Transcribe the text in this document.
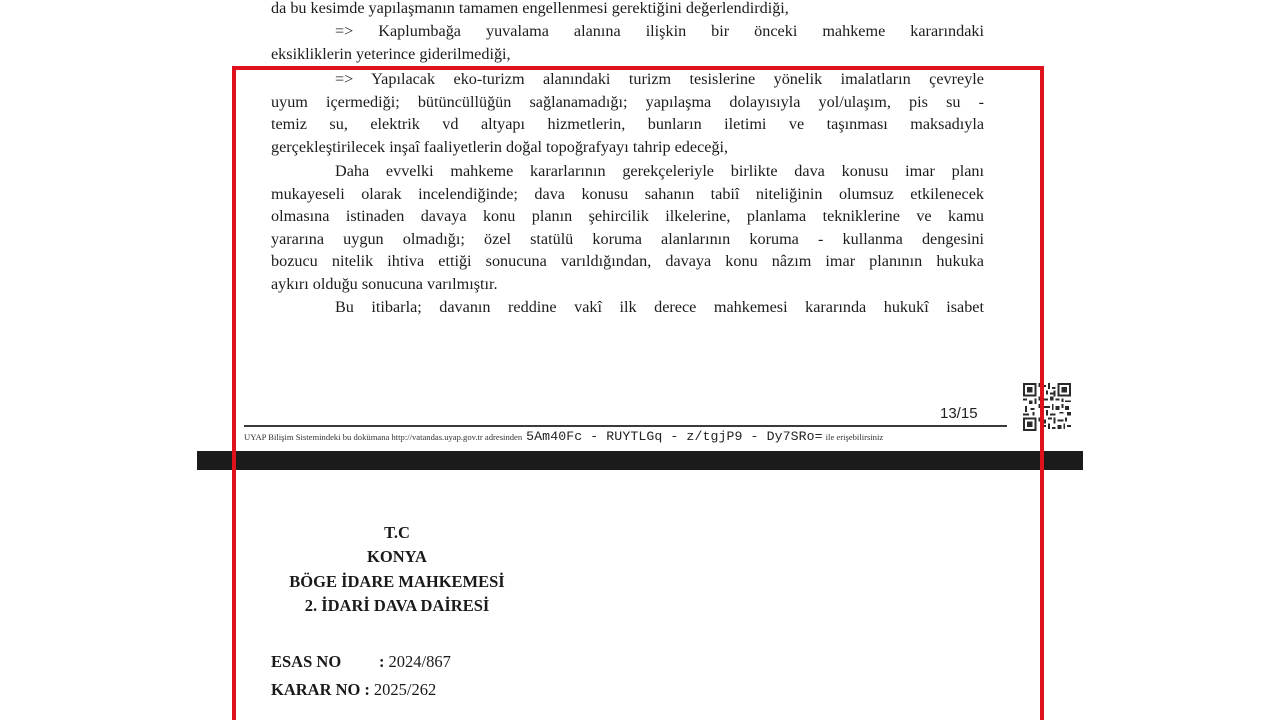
da bu kesimde yapılaşmanın tamamen engellenmesi gerektiğini değerlendirdiği,

=> Kaplumbağa yuvalama alanına ilişkin bir önceki mahkeme kararındaki

eksikliklerin yeterince giderilmediği,

=> Yapılacak eko-turizm alanındaki turizm tesislerine yönelik imalatların çevreyle

uyum içermediği; bütüncüllüğün sağlanamadığı; yapılaşma dolayısıyla yol/ulaşım, pis su -

temiz su, elektrik vd altyapı hizmetlerin, bunların iletimi ve taşınması maksadıyla

gerçekleştirilecek inşaî faaliyetlerin doğal topoğrafyayı tahrip edeceği,

Daha evvelki mahkeme kararlarının gerekçeleriyle birlikte dava konusu imar planı

mukayeseli olarak incelendiğinde; dava konusu sahanın tabiî niteliğinin olumsuz etkilenecek

olmasına istinaden davaya konu planın şehircilik ilkelerine, planlama tekniklerine ve kamu

yararına uygun olmadığı; özel statülü koruma alanlarının koruma - kullanma dengesini

bozucu nitelik ihtiva ettiği sonucuna varıldığından, davaya konu nâzım imar planının hukuka

aykırı olduğu sonucuna varılmıştır.

Bu itibarla; davanın reddine vakî ilk derece mahkemesi kararında hukukî isabet

13/15
UYAP Bilişim Sistemindeki bu dokümana http://vatandas.uyap.gov.tr adresinden 5Am40Fc - RUYTLGq - z/tgjP9 - Dy7SRo= ile erişebilirsiniz
T.C
KONYA
BÖGE İDARE MAHKEMESİ
2. İDARİ DAVA DAİRESİ
ESAS NO	: 2024/867
KARAR NO : 2025/262
